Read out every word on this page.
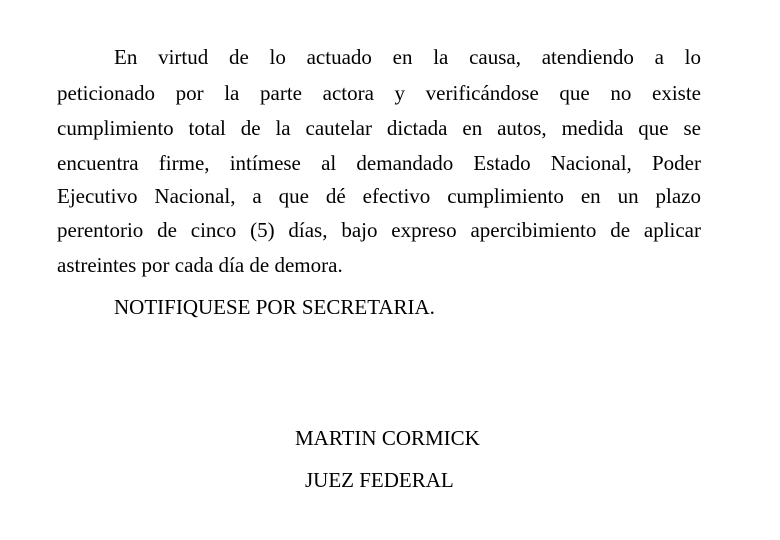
En virtud de lo actuado en la causa, atendiendo a lo
peticionado por la parte actora y verificándose que no existe
cumplimiento total de la cautelar dictada en autos, medida que se
encuentra firme, intímese al demandado Estado Nacional, Poder
Ejecutivo Nacional, a que dé efectivo cumplimiento en un plazo
perentorio de cinco (5) días, bajo expreso apercibimiento de aplicar
astreintes por cada día de demora.
NOTIFIQUESE POR SECRETARIA.
MARTIN CORMICK
JUEZ FEDERAL
